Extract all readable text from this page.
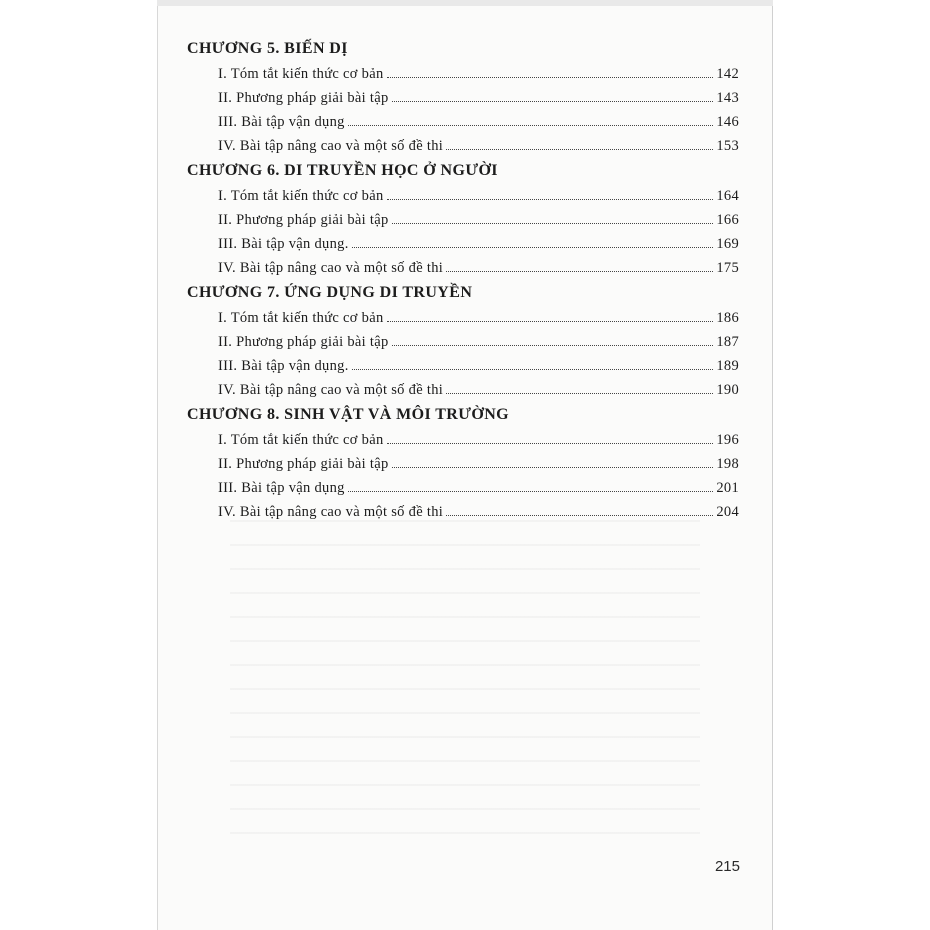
CHƯƠNG 5. BIẾN DỊ
I. Tóm tắt kiến thức cơ bản	142
II. Phương pháp giải bài tập	143
III. Bài tập vận dụng	146
IV. Bài tập nâng cao và một số đề thi	153
CHƯƠNG 6. DI TRUYỀN HỌC Ở NGƯỜI
I. Tóm tắt kiến thức cơ bản	164
II. Phương pháp giải bài tập	166
III. Bài tập vận dụng.	169
IV. Bài tập nâng cao và một số đề thi	175
CHƯƠNG 7. ỨNG DỤNG DI TRUYỀN
I. Tóm tắt kiến thức cơ bản	186
II. Phương pháp giải bài tập	187
III. Bài tập vận dụng.	189
IV. Bài tập nâng cao và một số đề thi	190
CHƯƠNG 8. SINH VẬT VÀ MÔI TRƯỜNG
I. Tóm tắt kiến thức cơ bản	196
II. Phương pháp giải bài tập	198
III. Bài tập vận dụng	201
IV. Bài tập nâng cao và một số đề thi	204
215
